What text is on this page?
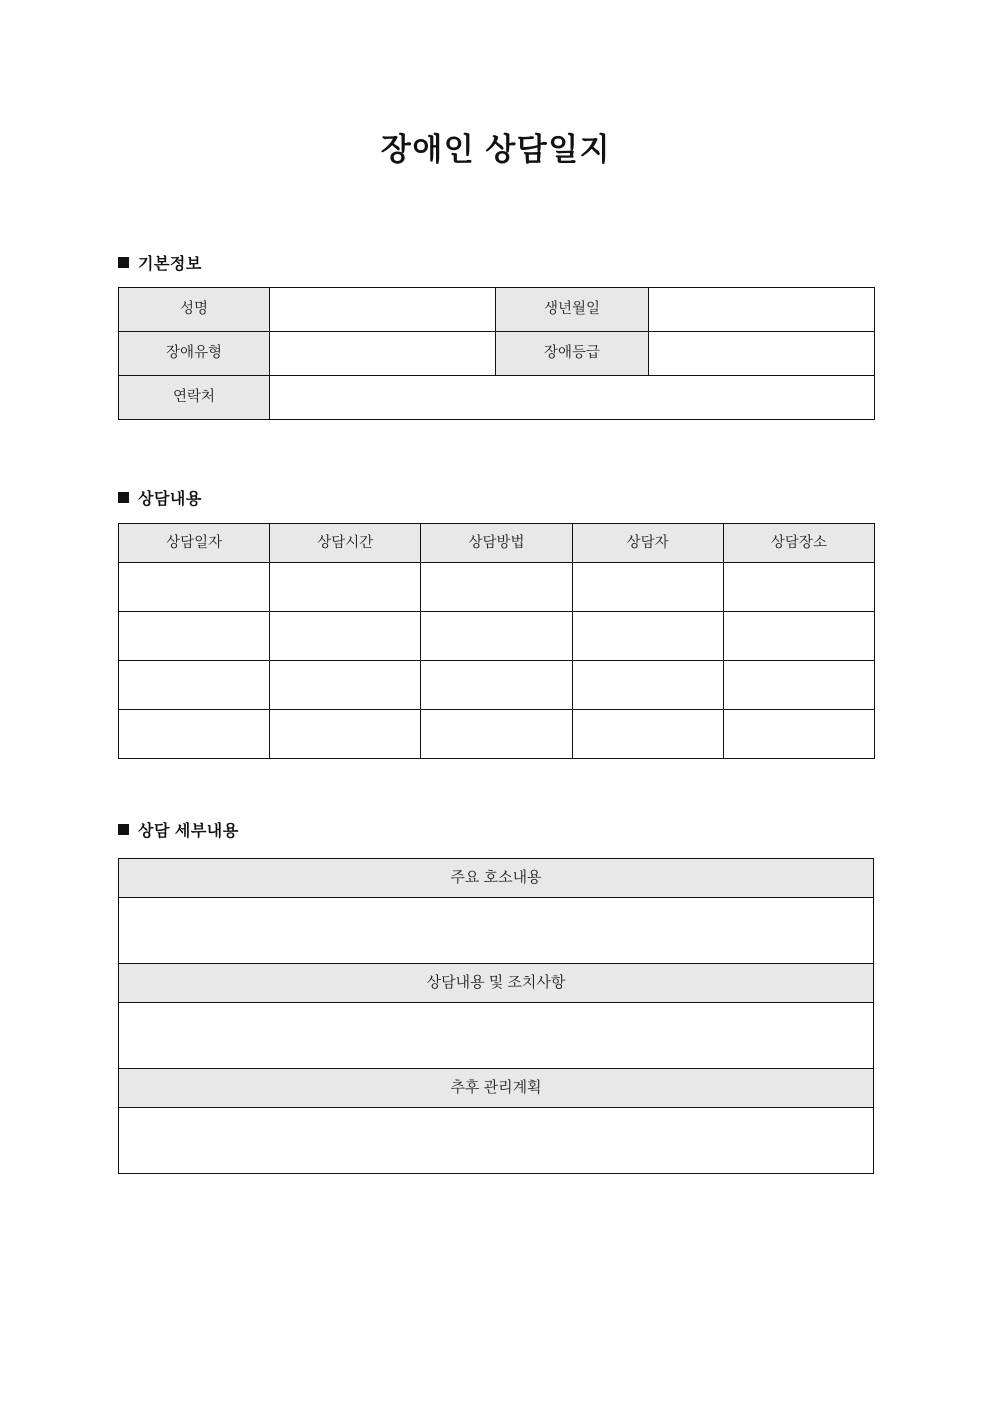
장애인 상담일지
기본정보
성명		생년월일	
장애유형		장애등급	
연락처			
상담내용
상담일자	상담시간	상담방법	상담자	상담장소

상담 세부내용
주요 호소내용

상담내용 및 조치사항

추후 관리계획
